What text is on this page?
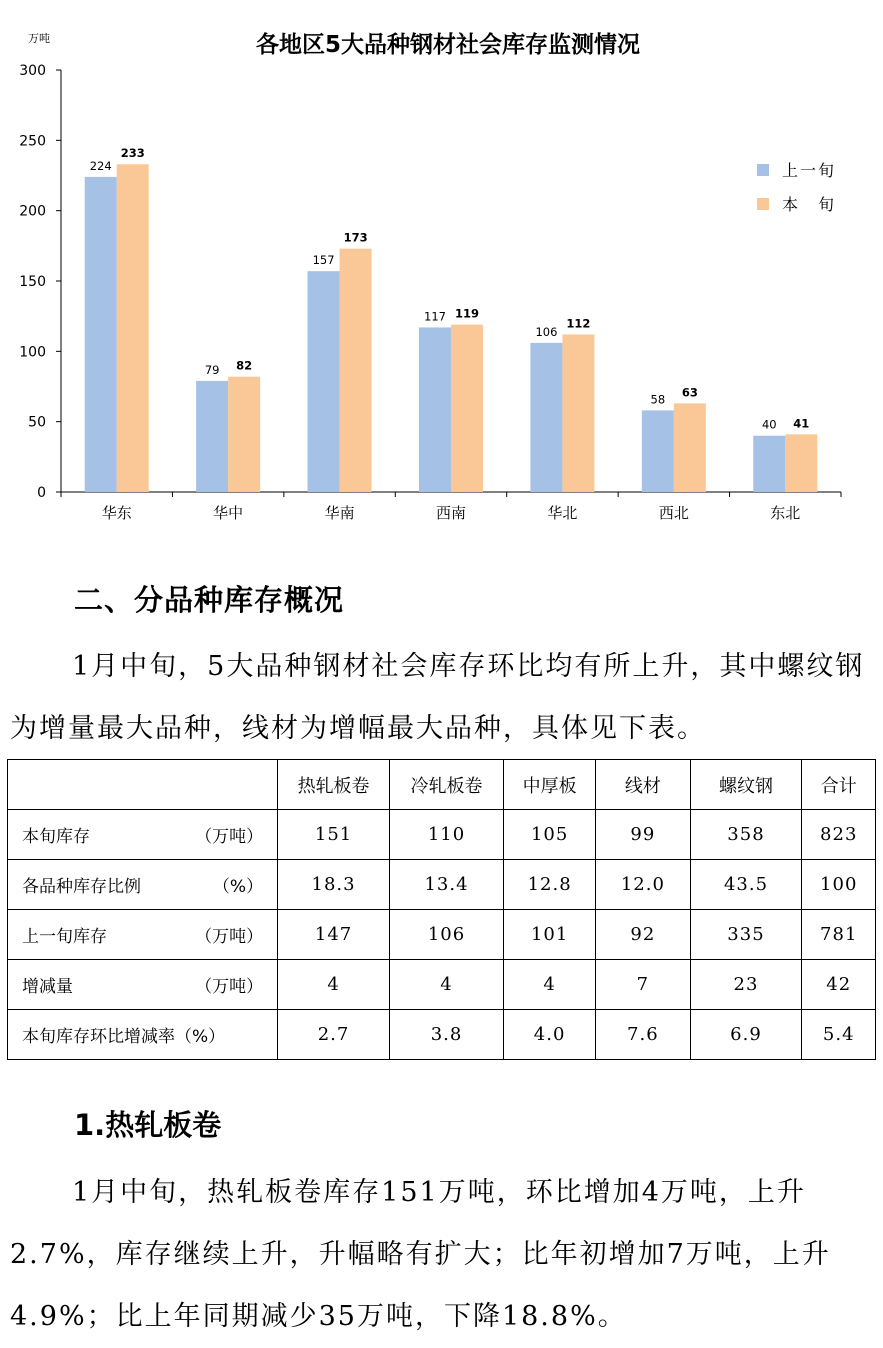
各地区5大品种钢材社会库存监测情况
万吨
0
50
100
150
200
250
300
华东	华中	华南	西南	华北	西北	东北
224
233
79 82
157
173
117 119
106
112
58
63
40 41
上一旬
本　旬
二、分品种库存概况

1月中旬，5大品种钢材社会库存环比均有所上升，其中螺纹钢为增量最大品种，线材为增幅最大品种，具体见下表。

	热轧板卷	冷轧板卷	中厚板	线材	螺纹钢	合计
本旬库存 （万吨）	151	110	105	99	358	823
各品种库存比例 （%）	18.3	13.4	12.8	12.0	43.5	100
上一旬库存 （万吨）	147	106	101	92	335	781
增减量 （万吨）	4	4	4	7	23	42
本旬库存环比增减率（%）	2.7	3.8	4.0	7.6	6.9	5.4
1.热轧板卷

1月中旬，热轧板卷库存151万吨，环比增加4万吨，上升2.7%，库存继续上升，升幅略有扩大；比年初增加7万吨，上升4.9%；比上年同期减少35万吨，下降18.8%。
